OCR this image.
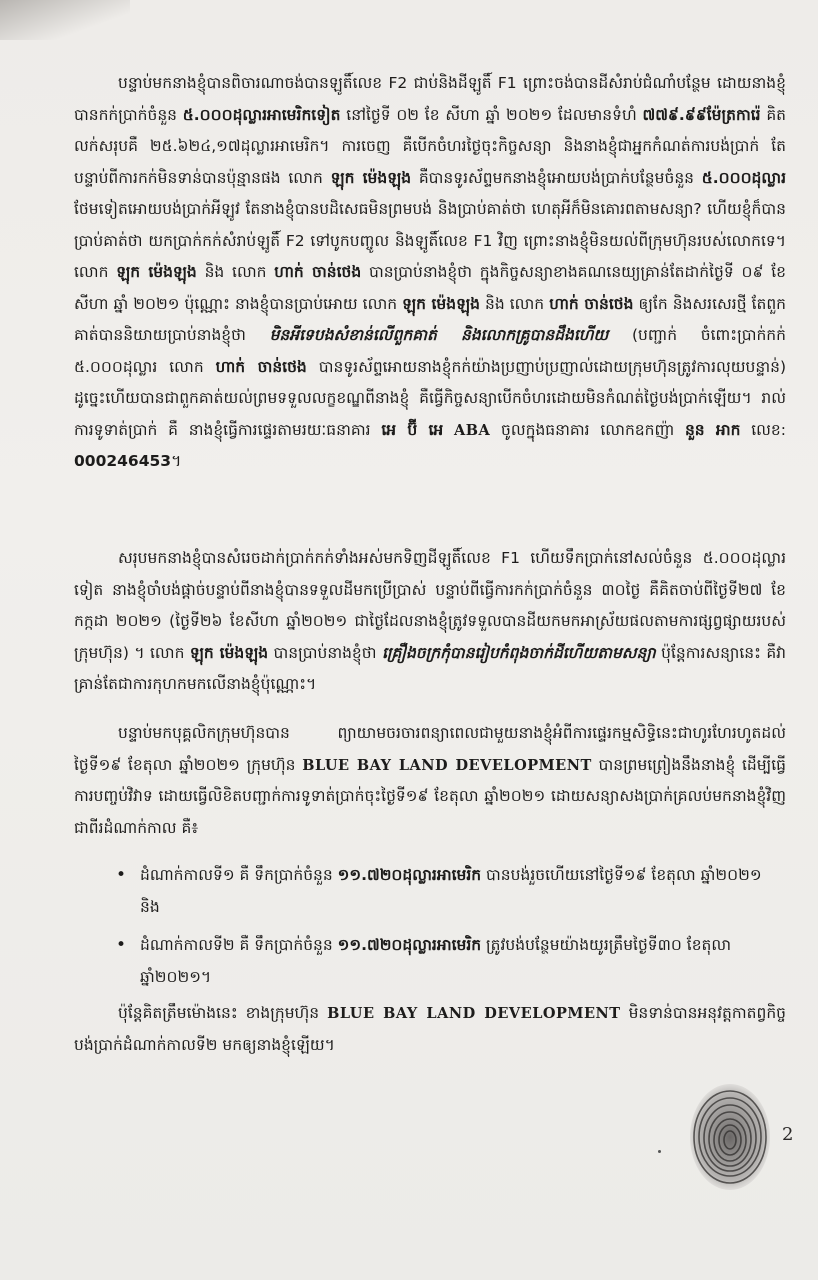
បន្ទាប់មកនាងខ្ញុំបានពិចារណាចង់បានឡូតិ៍លេខ F2 ជាប់និងដីឡូតិ៍ F1 ព្រោះចង់បានដីសំរាប់ជំណាំបន្ថែម ដោយនាងខ្ញុំបានកក់ប្រាក់ចំនួន ៥.០០០ដុល្លារអាមេរិកទៀត នៅថ្ងៃទី ០២ ខែ សីហា ឆ្នាំ ២០២១ ដែលមានទំហំ ៧៧៩.៩៩ម៉ែត្រការ៉េ គិតលក់សរុបគឺ ២៥.៦២៤,១៧ដុល្លារអាមេរិក។ ការចេញ គឺបើកចំហរថ្ងៃចុះកិច្ចសន្យា និងនាងខ្ញុំជាអ្នកកំណត់ការបង់ប្រាក់ តែបន្ទាប់ពីការកក់មិនទាន់បានប៉ុន្មានផង លោក ឡុក ម៉េងឡុង គឺបានទូរស័ព្ទមកនាងខ្ញុំអោយបង់ប្រាក់បន្ថែមចំនួន ៥.០០០ដុល្លារ ថែមទៀតអោយបង់ប្រាក់អីឡូវ តែនាងខ្ញុំបានបដិសេធមិនព្រមបង់ និងប្រាប់គាត់ថា ហេតុអីក៏មិនគោរពតាមសន្យា? ហើយខ្ញុំក៏បានប្រាប់គាត់ថា យកប្រាក់កក់សំរាប់ឡូតិ៍ F2 ទៅបូកបញ្ចូល និងឡូតិ៍លេខ F1 វិញ ព្រោះនាងខ្ញុំមិនយល់ពីក្រុមហ៊ុនរបស់លោកទេ។ លោក ឡុក ម៉េងឡុង និង លោក ហាក់ ចាន់ថេង បានប្រាប់នាងខ្ញុំថា ក្នុងកិច្ចសន្យាខាងគណនេយ្យគ្រាន់តែដាក់ថ្ងៃទី ០៩ ខែសីហា ឆ្នាំ ២០២១ ប៉ុណ្ណោះ នាងខ្ញុំបានប្រាប់អោយ លោក ឡុក ម៉េងឡុង និង លោក ហាក់ ចាន់ថេង ឲ្យកែ និងសរសេរថ្មី តែពួកគាត់បាននិយាយប្រាប់នាងខ្ញុំថា មិនអីទេបងសំខាន់លើពួកគាត់ និងលោកគ្រូបានដឹងហើយ (បញ្ជាក់ ចំពោះប្រាក់កក់ ៥.០០០ដុល្លារ លោក ហាក់ ចាន់ថេង បានទូរស័ព្ទអោយនាងខ្ញុំកក់យ៉ាងប្រញាប់ប្រញាល់ដោយក្រុមហ៊ុនត្រូវការលុយបន្ទាន់) ដូច្នេះហើយបានជាពួកគាត់យល់ព្រមទទួលលក្ខខណ្ឌពីនាងខ្ញុំ គឺធ្វើកិច្ចសន្យាបើកចំហរដោយមិនកំណត់ថ្ងៃបង់ប្រាក់ឡើយ។ រាល់ការទូទាត់ប្រាក់ គឺ នាងខ្ញុំធ្វើការផ្ទេរតាមរយៈធនាគារ អេ ប៊ី អេ ABA ចូលក្នុងធនាគារ លោកឧកញ៉ា នួន អាក លេខ: 000246453។

សរុបមកនាងខ្ញុំបានសំរេចដាក់ប្រាក់កក់ទាំងអស់មកទិញដីឡូតិ៍លេខ F1 ហើយទឹកប្រាក់នៅសល់ចំនួន ៥.០០០ដុល្លារទៀត នាងខ្ញុំចាំបង់ផ្ដាច់បន្ទាប់ពីនាងខ្ញុំបានទទួលដីមកប្រើប្រាស់ បន្ទាប់ពីធ្វើការកក់ប្រាក់ចំនួន ៣០ថ្ងៃ គឺគិតចាប់ពីថ្ងៃទី២៧ ខែកក្កដា ២០២១ (ថ្ងៃទី២៦ ខែសីហា ឆ្នាំ២០២១ ជាថ្ងៃដែលនាងខ្ញុំត្រូវទទួលបានដីយកមកអាស្រ័យផលតាមការផ្សព្វផ្សាយរបស់ក្រុមហ៊ុន) ។ លោក ឡុក ម៉េងឡុង បានប្រាប់នាងខ្ញុំថា គ្រឿងចក្រកុំបានរៀបកំពុងចាក់ដីហើយតាមសន្យា ប៉ុន្តែការសន្យានេះ គឺវាគ្រាន់តែជាការកុហកមកលើនាងខ្ញុំប៉ុណ្ណោះ។

បន្ទាប់មកបុគ្គលិកក្រុមហ៊ុនបាន ព្យាយាមចរចារពន្យាពេលជាមួយនាងខ្ញុំអំពីការផ្ទេរកម្មសិទ្ធិនេះជាហូរហែរហូតដល់ថ្ងៃទី១៩ ខែតុលា ឆ្នាំ២០២១ ក្រុមហ៊ុន BLUE BAY LAND DEVELOPMENT បានព្រមព្រៀងនឹងនាងខ្ញុំ ដើម្បីធ្វើការបញ្ចប់វិវាទ ដោយធ្វើលិខិតបញ្ជាក់ការទូទាត់ប្រាក់ចុះថ្ងៃទី១៩ ខែតុលា ឆ្នាំ២០២១ ដោយសន្យាសងប្រាក់គ្រលប់មកនាងខ្ញុំវិញជាពីរដំណាក់កាល គឺ៖

• ដំណាក់កាលទី១ គឺ ទឹកប្រាក់ចំនួន ១១.៧២០ដុល្លារអាមេរិក បានបង់រួចហើយនៅថ្ងៃទី១៩ ខែតុលា ឆ្នាំ២០២១ និង

• ដំណាក់កាលទី២ គឺ ទឹកប្រាក់ចំនួន ១១.៧២០ដុល្លារអាមេរិក ត្រូវបង់បន្ថែមយ៉ាងយូរត្រឹមថ្ងៃទី៣០ ខែតុលា ឆ្នាំ២០២១។

ប៉ុន្តែគិតត្រឹមម៉ោងនេះ ខាងក្រុមហ៊ុន BLUE BAY LAND DEVELOPMENT មិនទាន់បានអនុវត្តកាតព្វកិច្ចបង់ប្រាក់ដំណាក់កាលទី២ មកឲ្យនាងខ្ញុំឡើយ។

2
